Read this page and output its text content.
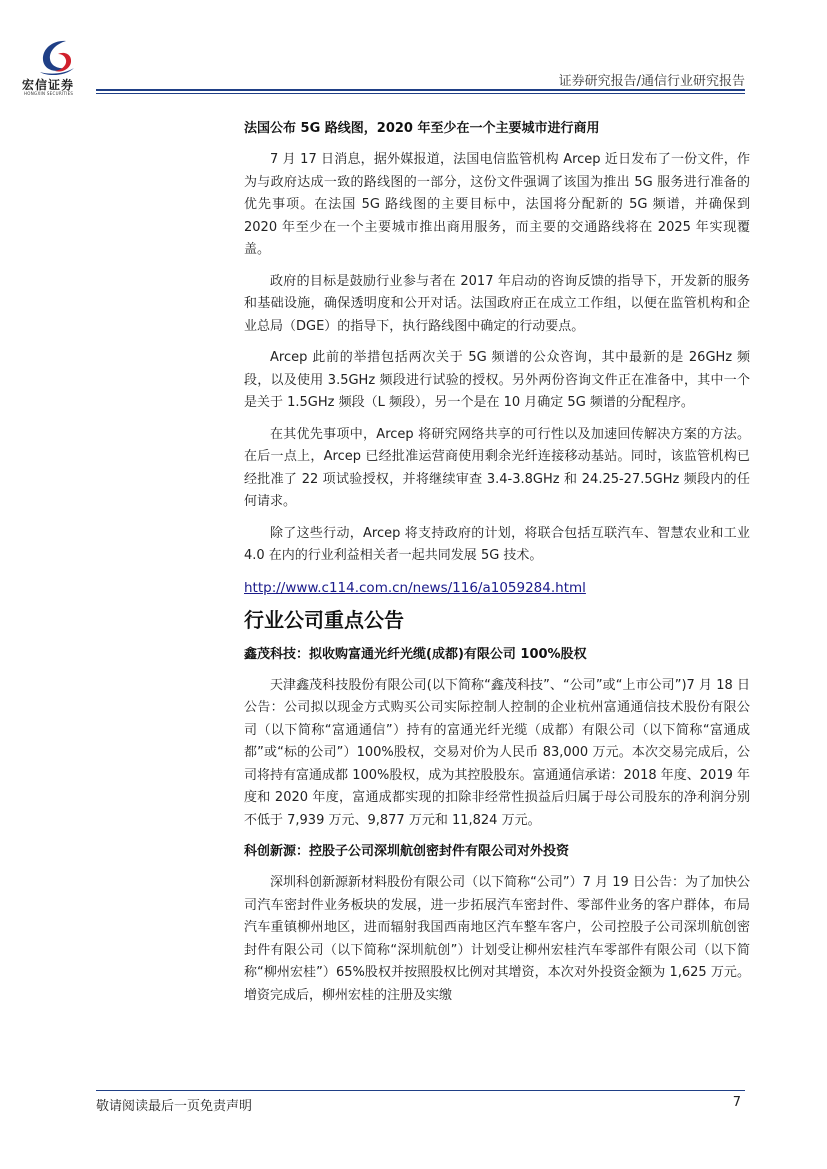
宏信证券
HONGXIN SECURITIES
证券研究报告/通信行业研究报告
法国公布 5G 路线图，2020 年至少在一个主要城市进行商用

7 月 17 日消息，据外媒报道，法国电信监管机构 Arcep 近日发布了一份文件，作为与政府达成一致的路线图的一部分，这份文件强调了该国为推出 5G 服务进行准备的优先事项。在法国 5G 路线图的主要目标中，法国将分配新的 5G 频谱，并确保到 2020 年至少在一个主要城市推出商用服务，而主要的交通路线将在 2025 年实现覆盖。

政府的目标是鼓励行业参与者在 2017 年启动的咨询反馈的指导下，开发新的服务和基础设施，确保透明度和公开对话。法国政府正在成立工作组，以便在监管机构和企业总局（DGE）的指导下，执行路线图中确定的行动要点。

Arcep 此前的举措包括两次关于 5G 频谱的公众咨询，其中最新的是 26GHz 频段，以及使用 3.5GHz 频段进行试验的授权。另外两份咨询文件正在准备中，其中一个是关于 1.5GHz 频段（L 频段），另一个是在 10 月确定 5G 频谱的分配程序。

在其优先事项中，Arcep 将研究网络共享的可行性以及加速回传解决方案的方法。在后一点上，Arcep 已经批准运营商使用剩余光纤连接移动基站。同时，该监管机构已经批准了 22 项试验授权，并将继续审查 3.4-3.8GHz 和 24.25-27.5GHz 频段内的任何请求。

除了这些行动，Arcep 将支持政府的计划，将联合包括互联汽车、智慧农业和工业 4.0 在内的行业利益相关者一起共同发展 5G 技术。

http://www.c114.com.cn/news/116/a1059284.html
行业公司重点公告
鑫茂科技：拟收购富通光纤光缆(成都)有限公司 100%股权

天津鑫茂科技股份有限公司(以下简称“鑫茂科技”、“公司”或“上市公司”)7 月 18 日公告：公司拟以现金方式购买公司实际控制人控制的企业杭州富通通信技术股份有限公司（以下简称“富通通信”）持有的富通光纤光缆（成都）有限公司（以下简称“富通成都”或“标的公司”）100%股权，交易对价为人民币 83,000 万元。本次交易完成后，公司将持有富通成都 100%股权，成为其控股股东。富通通信承诺：2018 年度、2019 年度和 2020 年度，富通成都实现的扣除非经常性损益后归属于母公司股东的净利润分别不低于 7,939 万元、9,877 万元和 11,824 万元。

科创新源：控股子公司深圳航创密封件有限公司对外投资

深圳科创新源新材料股份有限公司（以下简称“公司”）7 月 19 日公告：为了加快公司汽车密封件业务板块的发展，进一步拓展汽车密封件、零部件业务的客户群体，布局汽车重镇柳州地区，进而辐射我国西南地区汽车整车客户，公司控股子公司深圳航创密封件有限公司（以下简称“深圳航创”）计划受让柳州宏桂汽车零部件有限公司（以下简称“柳州宏桂”）65%股权并按照股权比例对其增资，本次对外投资金额为 1,625 万元。增资完成后，柳州宏桂的注册及实缴

敬请阅读最后一页免责声明	7
